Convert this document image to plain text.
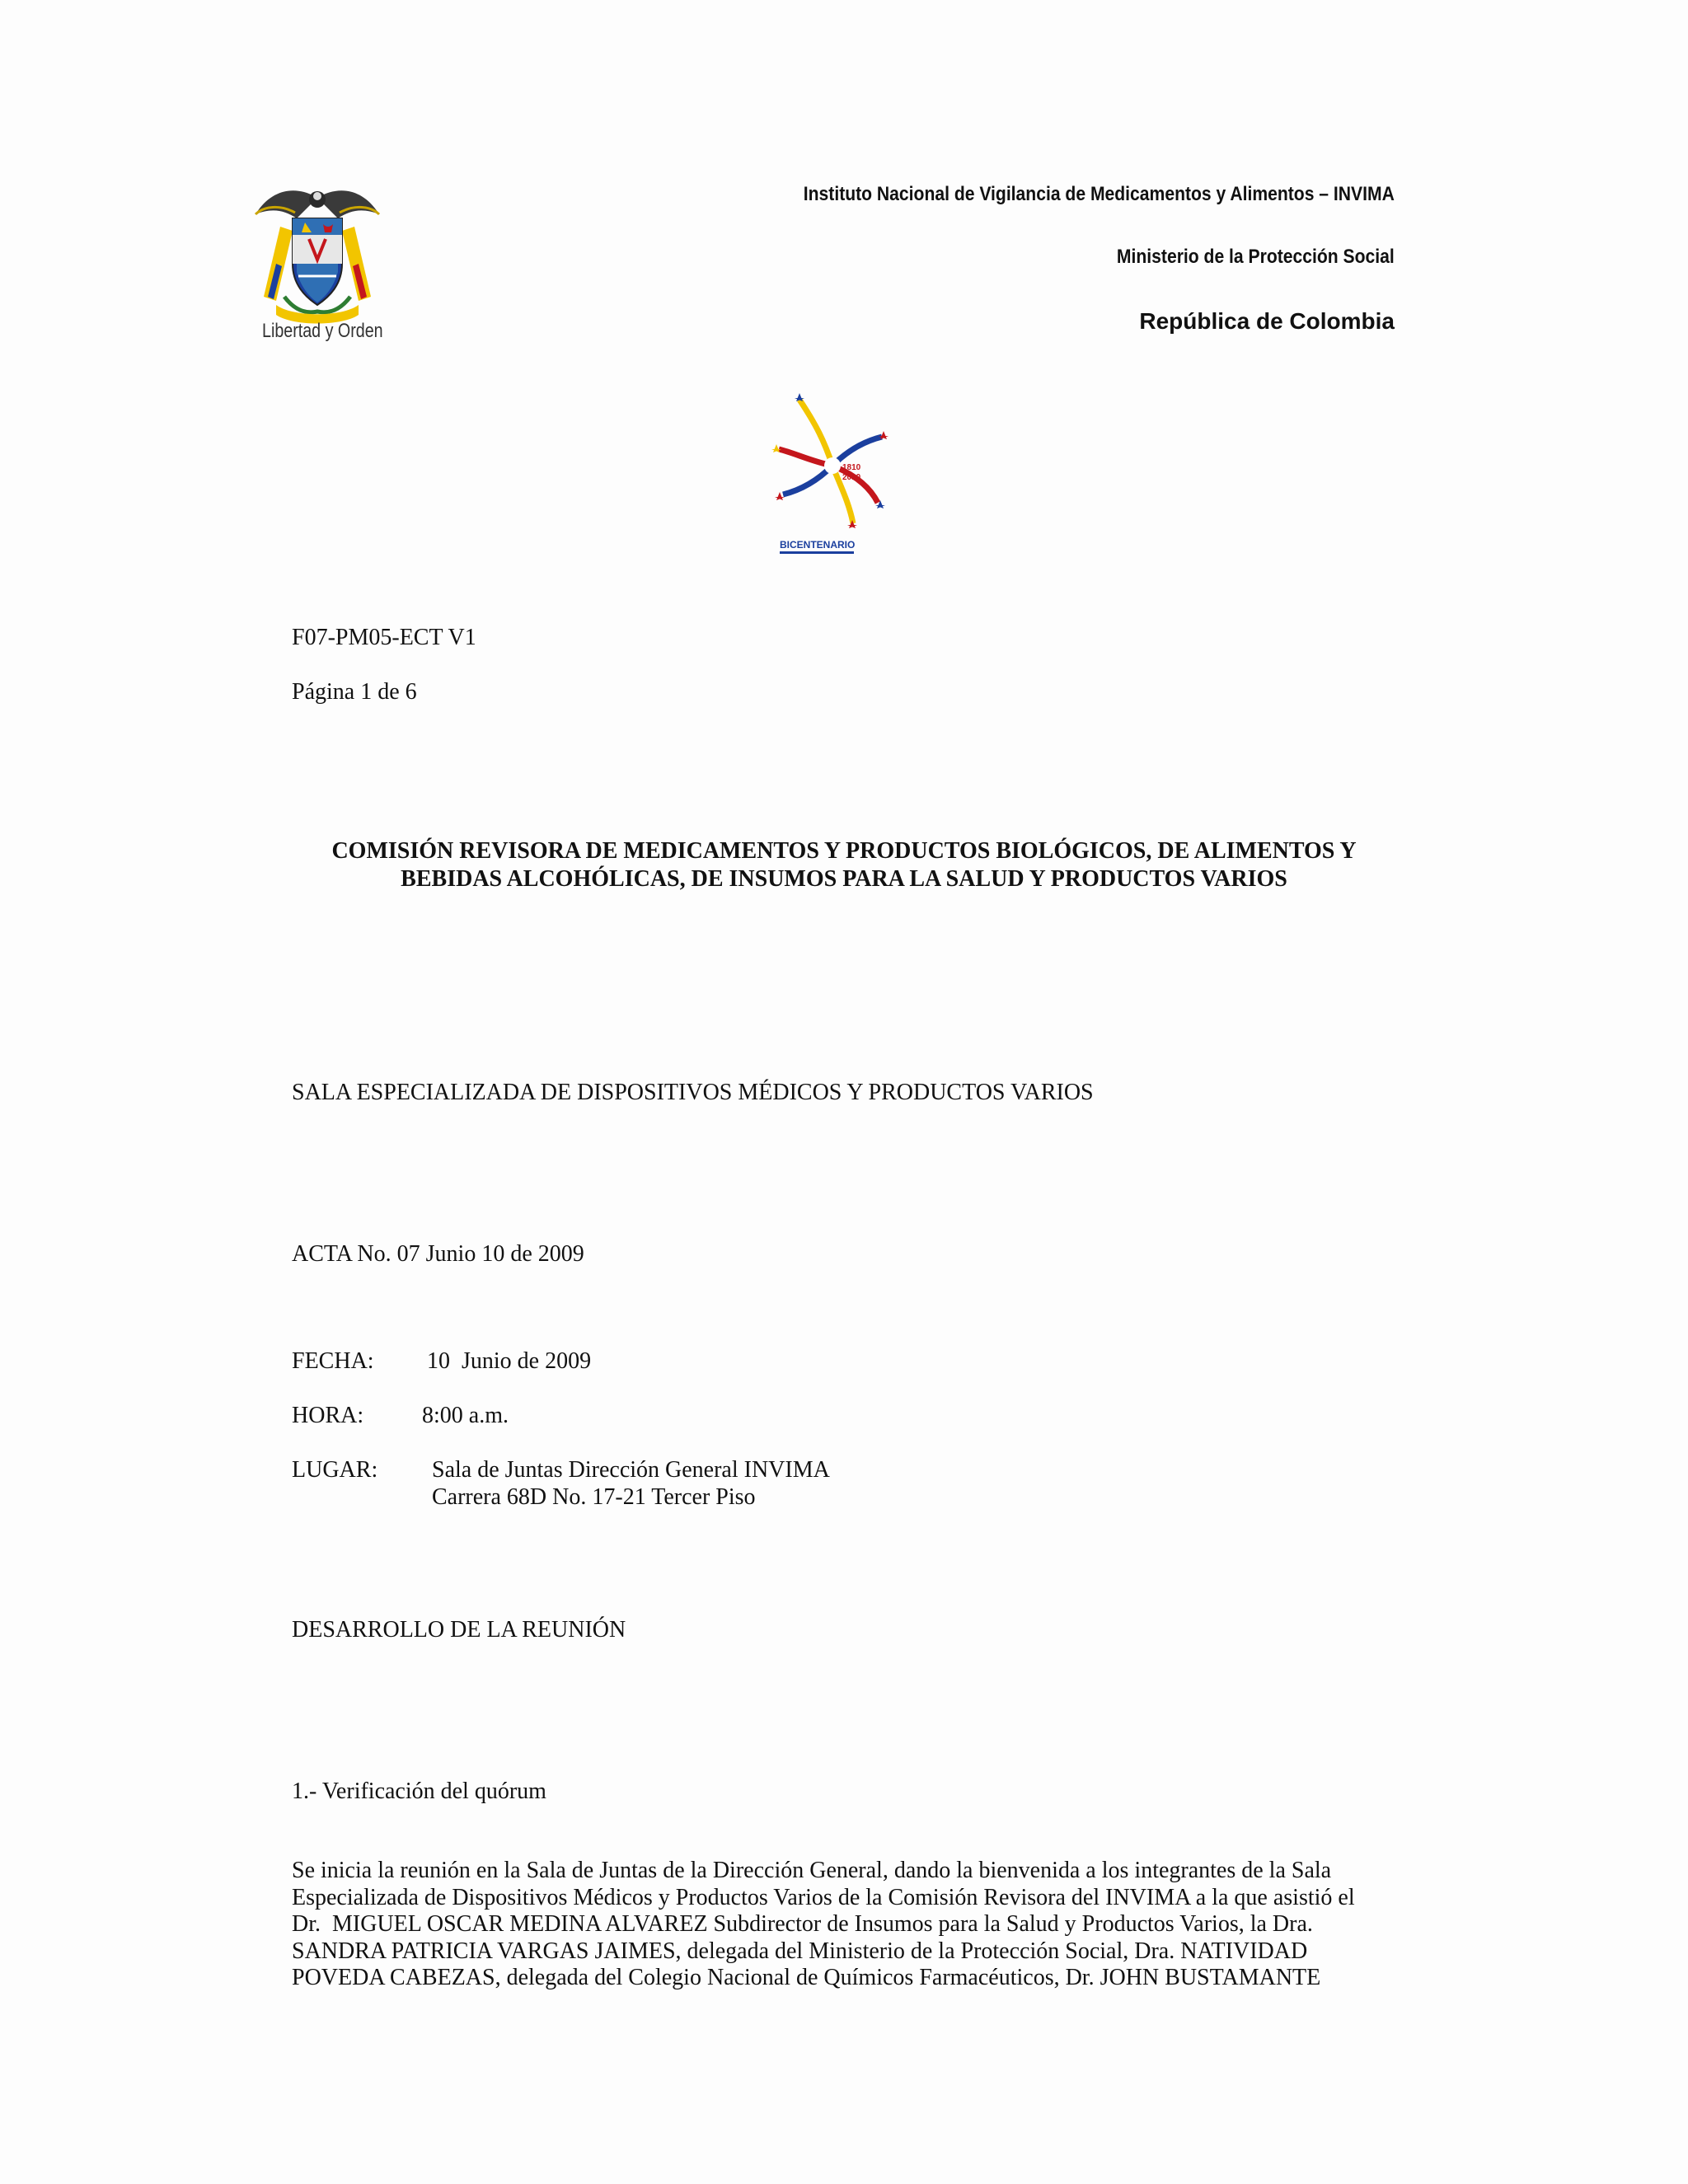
Libertad y Orden
Instituto Nacional de Vigilancia de Medicamentos y Alimentos – INVIMA
Ministerio de la Protección Social
República de Colombia
1810
2010
BICENTENARIO
F07-PM05-ECT V1
Página 1 de 6
COMISIÓN REVISORA DE MEDICAMENTOS Y PRODUCTOS BIOLÓGICOS, DE ALIMENTOS Y
BEBIDAS ALCOHÓLICAS, DE INSUMOS PARA LA SALUD Y PRODUCTOS VARIOS
SALA ESPECIALIZADA DE DISPOSITIVOS MÉDICOS Y PRODUCTOS VARIOS
ACTA No. 07 Junio 10 de 2009
FECHA: 10  Junio de 2009
HORA:	8:00 a.m.
LUGAR: Sala de Juntas Dirección General INVIMA
Carrera 68D No. 17-21 Tercer Piso
DESARROLLO DE LA REUNIÓN
1.- Verificación del quórum
Se inicia la reunión en la Sala de Juntas de la Dirección General, dando la bienvenida a los integrantes de la Sala
Especializada de Dispositivos Médicos y Productos Varios de la Comisión Revisora del INVIMA a la que asistió el
Dr.  MIGUEL OSCAR MEDINA ALVAREZ Subdirector de Insumos para la Salud y Productos Varios, la Dra.
SANDRA PATRICIA VARGAS JAIMES, delegada del Ministerio de la Protección Social, Dra. NATIVIDAD
POVEDA CABEZAS, delegada del Colegio Nacional de Químicos Farmacéuticos, Dr. JOHN BUSTAMANTE
